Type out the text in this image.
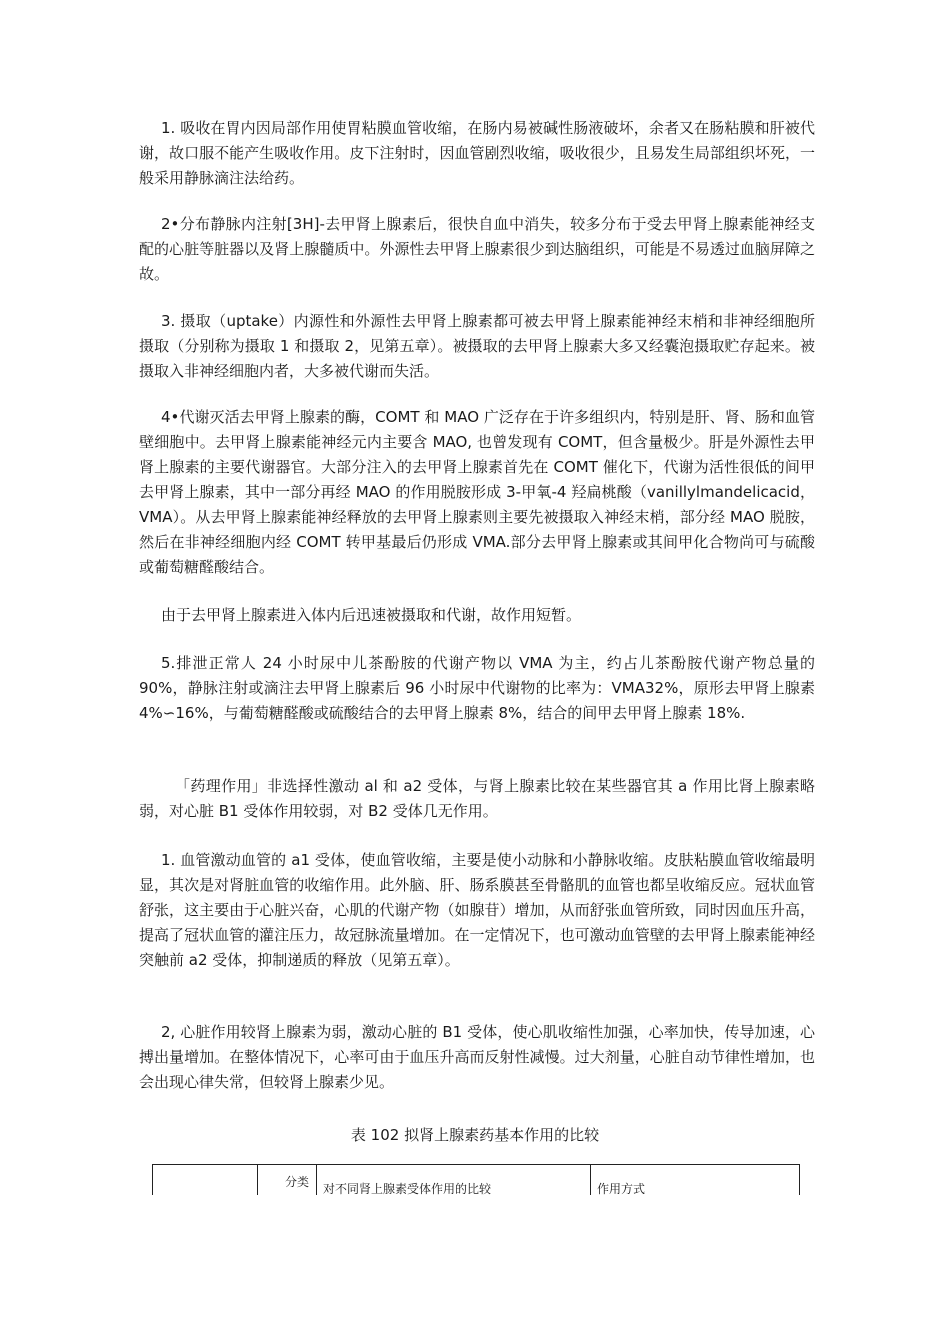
1. 吸收在胃内因局部作用使胃粘膜血管收缩，在肠内易被碱性肠液破坏，余者又在肠粘膜和肝被代谢，故口服不能产生吸收作用。皮下注射时，因血管剧烈收缩，吸收很少，且易发生局部组织坏死，一般采用静脉滴注法给药。

2•分布静脉内注射[3H]-去甲肾上腺素后，很快自血中消失，较多分布于受去甲肾上腺素能神经支配的心脏等脏器以及肾上腺髓质中。外源性去甲肾上腺素很少到达脑组织，可能是不易透过血脑屏障之故。

3. 摄取（uptake）内源性和外源性去甲肾上腺素都可被去甲肾上腺素能神经末梢和非神经细胞所摄取（分别称为摄取 1 和摄取 2，见第五章）。被摄取的去甲肾上腺素大多又经囊泡摄取贮存起来。被摄取入非神经细胞内者，大多被代谢而失活。

4•代谢灭活去甲肾上腺素的酶，COMT 和 MAO 广泛存在于许多组织内，特别是肝、肾、肠和血管壁细胞中。去甲肾上腺素能神经元内主要含 MAO, 也曾发现有 COMT，但含量极少。肝是外源性去甲肾上腺素的主要代谢器官。大部分注入的去甲肾上腺素首先在 COMT 催化下，代谢为活性很低的间甲去甲肾上腺素，其中一部分再经 MAO 的作用脱胺形成 3-甲氧-4 羟扁桃酸（vanillylmandelicacid，VMA）。从去甲肾上腺素能神经释放的去甲肾上腺素则主要先被摄取入神经末梢，部分经 MAO 脱胺，然后在非神经细胞内经 COMT 转甲基最后仍形成 VMA.部分去甲肾上腺素或其间甲化合物尚可与硫酸或葡萄糖醛酸结合。

由于去甲肾上腺素进入体内后迅速被摄取和代谢，故作用短暂。

5.排泄正常人 24 小时尿中儿茶酚胺的代谢产物以 VMA 为主，约占儿茶酚胺代谢产物总量的 90%，静脉注射或滴注去甲肾上腺素后 96 小时尿中代谢物的比率为：VMA32%，原形去甲肾上腺素 4%∽16%，与葡萄糖醛酸或硫酸结合的去甲肾上腺素 8%，结合的间甲去甲肾上腺素 18%.

「药理作用」非选择性激动 al 和 a2 受体，与肾上腺素比较在某些器官其 a 作用比肾上腺素略弱，对心脏 B1 受体作用较弱，对 B2 受体几无作用。

1. 血管激动血管的 a1 受体，使血管收缩，主要是使小动脉和小静脉收缩。皮肤粘膜血管收缩最明显，其次是对肾脏血管的收缩作用。此外脑、肝、肠系膜甚至骨骼肌的血管也都呈收缩反应。冠状血管舒张，这主要由于心脏兴奋，心肌的代谢产物（如腺苷）增加，从而舒张血管所致，同时因血压升高，提高了冠状血管的灌注压力，故冠脉流量增加。在一定情况下，也可激动血管壁的去甲肾上腺素能神经突触前 a2 受体，抑制递质的释放（见第五章）。

2, 心脏作用较肾上腺素为弱，激动心脏的 B1 受体，使心肌收缩性加强，心率加快，传导加速，心搏出量增加。在整体情况下，心率可由于血压升高而反射性减慢。过大剂量，心脏自动节律性增加，也会出现心律失常，但较肾上腺素少见。

表 102 拟肾上腺素药基本作用的比较
分类 对不同肾上腺素受体作用的比较	作用方式
